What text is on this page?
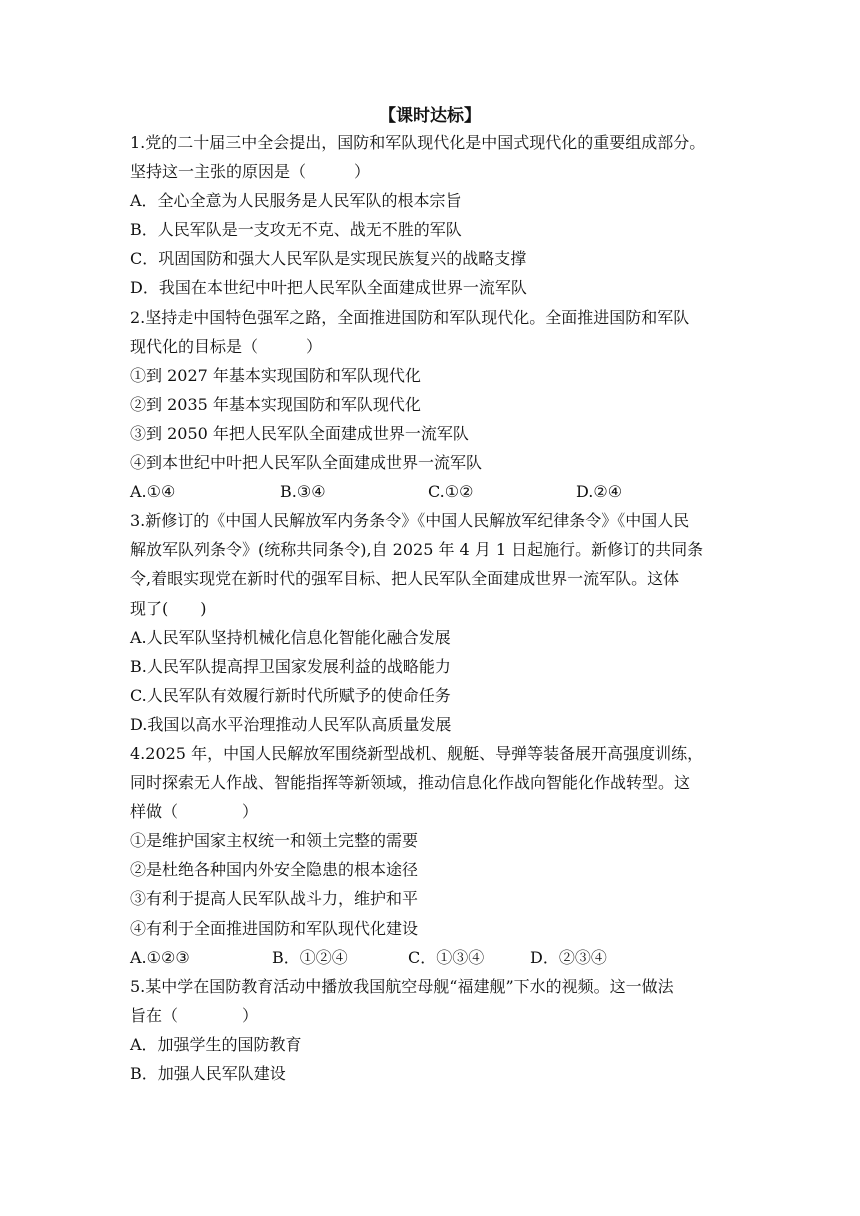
【课时达标】
1.党的二十届三中全会提出，国防和军队现代化是中国式现代化的重要组成部分。
坚持这一主张的原因是（　　　）
A．全心全意为人民服务是人民军队的根本宗旨
B．人民军队是一支攻无不克、战无不胜的军队
C．巩固国防和强大人民军队是实现民族复兴的战略支撑
D．我国在本世纪中叶把人民军队全面建成世界一流军队
2.坚持走中国特色强军之路，全面推进国防和军队现代化。全面推进国防和军队
现代化的目标是（　　　）
①到 2027 年基本实现国防和军队现代化
②到 2035 年基本实现国防和军队现代化
③到 2050 年把人民军队全面建成世界一流军队
④到本世纪中叶把人民军队全面建成世界一流军队
A.①④	B.③④	C.①②	D.②④
3.新修订的《中国人民解放军内务条令》《中国人民解放军纪律条令》《中国人民
解放军队列条令》(统称共同条令),自 2025 年 4 月 1 日起施行。新修订的共同条
令,着眼实现党在新时代的强军目标、把人民军队全面建成世界一流军队。这体
现了(　　)
A.人民军队坚持机械化信息化智能化融合发展
B.人民军队提高捍卫国家发展利益的战略能力
C.人民军队有效履行新时代所赋予的使命任务
D.我国以高水平治理推动人民军队高质量发展
4.2025 年，中国人民解放军围绕新型战机、舰艇、导弹等装备展开高强度训练，
同时探索无人作战、智能指挥等新领域，推动信息化作战向智能化作战转型。这
样做（　　　　）
①是维护国家主权统一和领土完整的需要
②是杜绝各种国内外安全隐患的根本途径
③有利于提高人民军队战斗力，维护和平
④有利于全面推进国防和军队现代化建设
A.①②③	B．①②④	C．①③④	D．②③④
5.某中学在国防教育活动中播放我国航空母舰“福建舰”下水的视频。这一做法
旨在（　　　　）
A．加强学生的国防教育
B．加强人民军队建设
